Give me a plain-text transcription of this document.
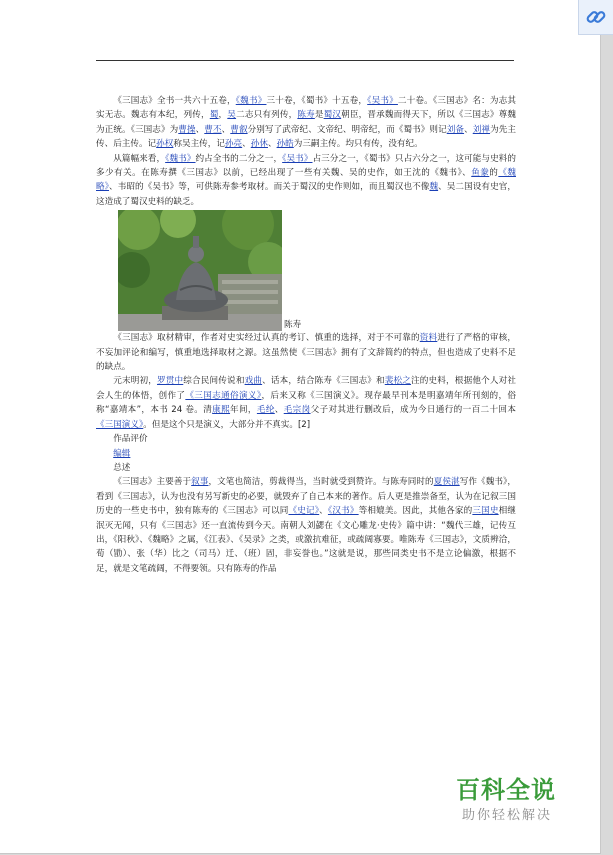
《三国志》全书一共六十五卷，《魏书》三十卷，《蜀书》十五卷，《吴书》二十卷。《三国志》名：为志其实无志。魏志有本纪，列传，蜀，吴二志只有列传，陈寿是蜀汉朝臣，晋承魏而得天下，所以《三国志》尊魏为正统。《三国志》为曹操、曹丕、曹叡分别写了武帝纪、文帝纪、明帝纪，而《蜀书》则记刘备、刘禅为先主传、后主传。记孙权称吴主传，记孙亮、孙休、孙皓为三嗣主传。均只有传，没有纪。

从篇幅来看，《魏书》约占全书的二分之一，《吴书》占三分之一，《蜀书》只占六分之一，这可能与史料的多少有关。在陈寿撰《三国志》以前，已经出现了一些有关魏、吴的史作，如王沈的《魏书》、鱼豢的《魏略》、韦昭的《吴书》等，可供陈寿参考取材。而关于蜀汉的史作则如，而且蜀汉也不像魏、吴二国设有史官，这造成了蜀汉史料的缺乏。

陈寿

《三国志》取材精审，作者对史实经过认真的考订、慎重的选择，对于不可靠的资料进行了严格的审核，不妄加评论和编写，慎重地选择取材之源。这虽然使《三国志》拥有了文辞简约的特点，但也造成了史料不足的缺点。

元末明初，罗贯中综合民间传说和戏曲、话本，结合陈寿《三国志》和裴松之注的史料，根据他个人对社会人生的体悟，创作了《三国志通俗演义》，后来又称《三国演义》。现存最早刊本是明嘉靖年所刊刻的，俗称“嘉靖本”，本书 24 卷。清康熙年间，毛纶、毛宗岗父子对其进行删改后，成为今日通行的一百二十回本《三国演义》。但是这个只是演义，大部分并不真实。[2]

作品评价

编辑

总述

《三国志》主要善于叙事，文笔也简洁，剪裁得当，当时就受到赞许。与陈寿同时的夏侯湛写作《魏书》，看到《三国志》，认为也没有另写新史的必要，就毁弃了自己本来的著作。后人更是推崇备至，认为在记叙三国历史的一些史书中，独有陈寿的《三国志》可以同《史记》、《汉书》等相媲美。因此，其他各家的三国史相继泯灭无闻，只有《三国志》还一直流传到今天。南朝人刘勰在《文心雕龙·史传》篇中讲：“魏代三雄，记传互出，《阳秋》、《魏略》之属，《江表》、《吴录》之类，或激抗难征，或疏阔寡要。唯陈寿《三国志》，文质辨洽，荀（勖）、张（华）比之（司马）迁、（班）固，非妄誉也。”这就是说，那些同类史书不是立论偏激，根据不足，就是文笔疏阔，不得要领。只有陈寿的作品

百科全说
助你轻松解决
